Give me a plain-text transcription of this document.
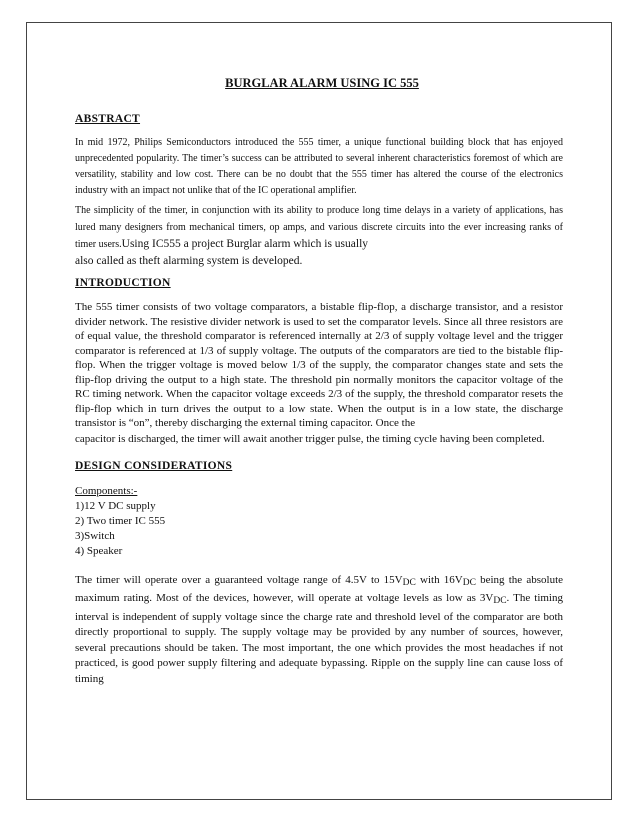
BURGLAR ALARM USING IC 555
ABSTRACT

In mid 1972, Philips Semiconductors introduced the 555 timer, a unique functional building block that has enjoyed unprecedented popularity. The timer’s success can be attributed to several inherent characteristics foremost of which are versatility, stability and low cost. There can be no doubt that the 555 timer has altered the course of the electronics industry with an impact not unlike that of the IC operational amplifier.

The simplicity of the timer, in conjunction with its ability to produce long time delays in a variety of applications, has lured many designers from mechanical timers, op amps, and various discrete circuits into the ever increasing ranks of timer users.Using IC555 a project Burglar alarm which is usually
also called as theft alarming system is developed.

INTRODUCTION

The 555 timer consists of two voltage comparators, a bistable flip-flop, a discharge transistor, and a resistor divider network. The resistive divider network is used to set the comparator levels. Since all three resistors are of equal value, the threshold comparator is referenced internally at 2/3 of supply voltage level and the trigger comparator is referenced at 1/3 of supply voltage. The outputs of the comparators are tied to the bistable flip-flop. When the trigger voltage is moved below 1/3 of the supply, the comparator changes state and sets the flip-flop driving the output to a high state. The threshold pin normally monitors the capacitor voltage of the RC timing network. When the capacitor voltage exceeds 2/3 of the supply, the threshold comparator resets the flip-flop which in turn drives the output to a low state. When the output is in a low state, the discharge transistor is “on”, thereby discharging the external timing capacitor. Once the

capacitor is discharged, the timer will await another trigger pulse, the timing cycle having been completed.

DESIGN CONSIDERATIONS
Components:-
1)12 V DC supply
2) Two timer IC 555
3)Switch
4) Speaker

The timer will operate over a guaranteed voltage range of 4.5V to 15VDC with 16VDC being the absolute maximum rating. Most of the devices, however, will operate at voltage levels as low as 3VDC. The timing interval is independent of supply voltage since the charge rate and threshold level of the comparator are both directly proportional to supply. The supply voltage may be provided by any number of sources, however, several precautions should be taken. The most important, the one which provides the most headaches if not practiced, is good power supply filtering and adequate bypassing. Ripple on the supply line can cause loss of timing
